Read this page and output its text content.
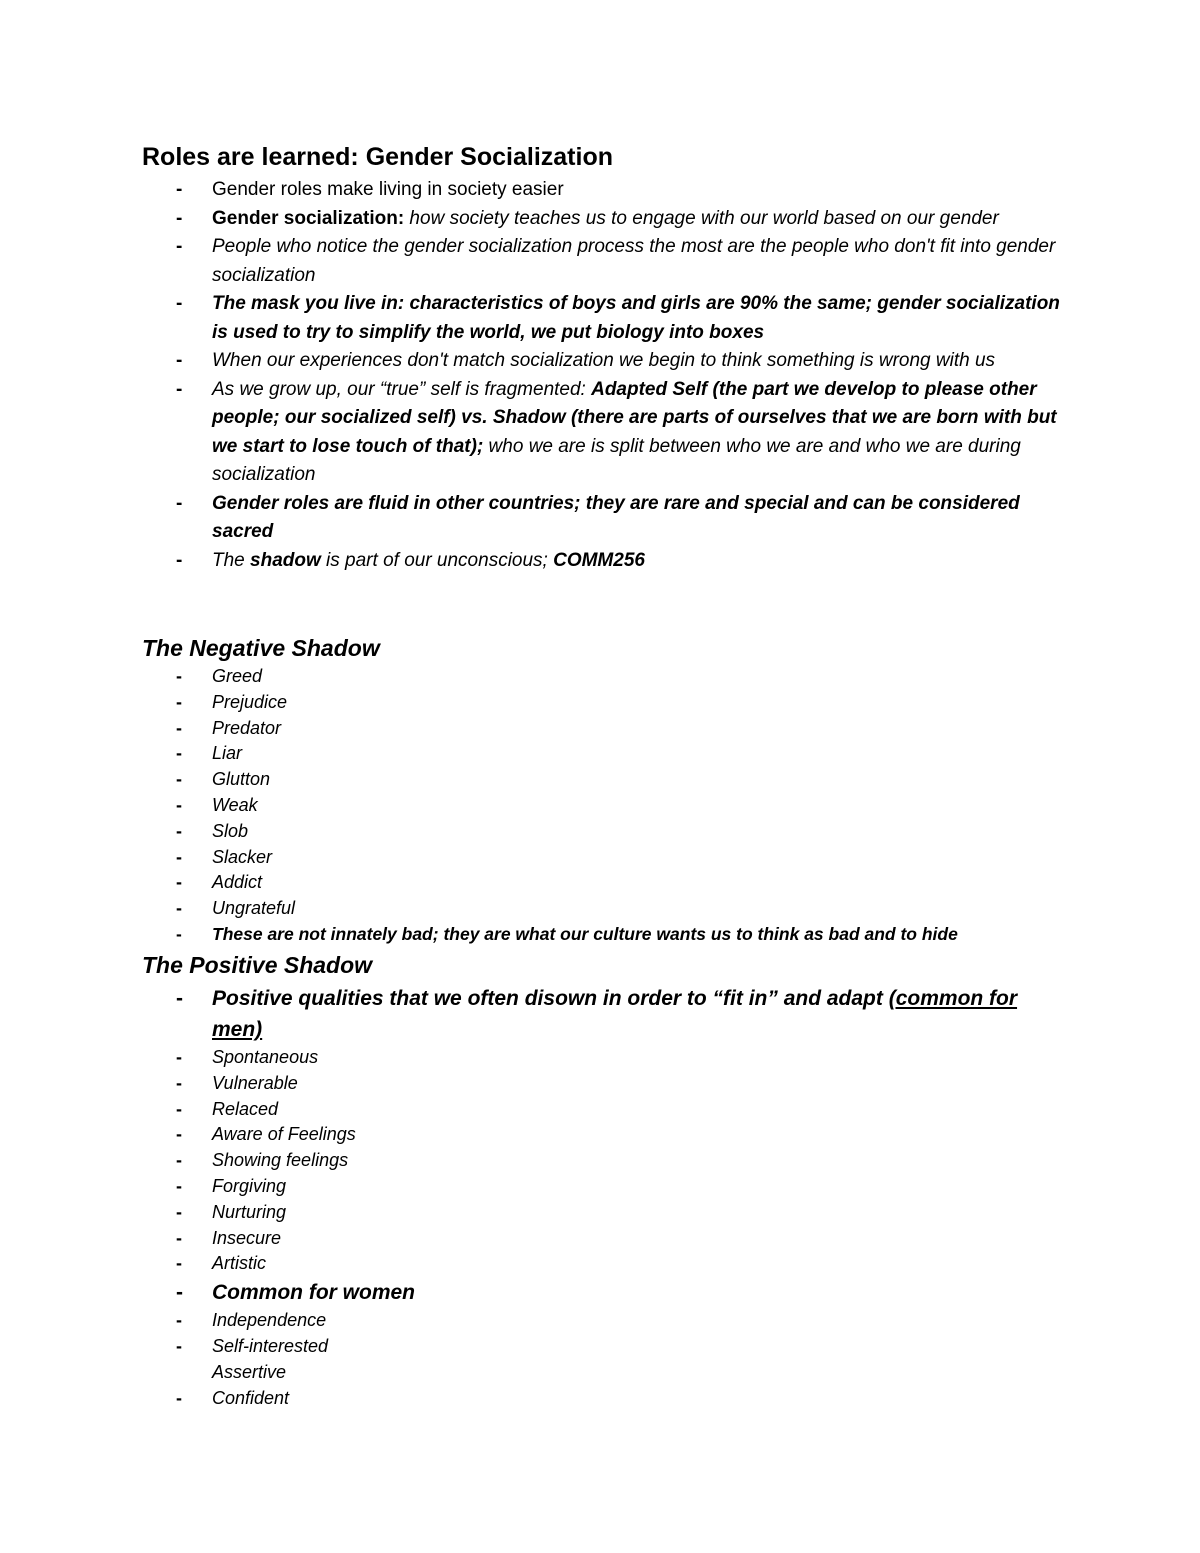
Roles are learned: Gender Socialization
- Gender roles make living in society easier
- Gender socialization: how society teaches us to engage with our world based on our gender
- People who notice the gender socialization process the most are the people who don't fit into gender socialization
- The mask you live in: characteristics of boys and girls are 90% the same; gender socialization is used to try to simplify the world, we put biology into boxes
- When our experiences don't match socialization we begin to think something is wrong with us
- As we grow up, our “true” self is fragmented: Adapted Self (the part we develop to please other people; our socialized self) vs. Shadow (there are parts of ourselves that we are born with but we start to lose touch of that); who we are is split between who we are and who we are during socialization
- Gender roles are fluid in other countries; they are rare and special and can be considered sacred
- The shadow is part of our unconscious; COMM256
The Negative Shadow
- Greed
- Prejudice
- Predator
- Liar
- Glutton
- Weak
- Slob
- Slacker
- Addict
- Ungrateful
- These are not innately bad; they are what our culture wants us to think as bad and to hide
The Positive Shadow
- Positive qualities that we often disown in order to “fit in” and adapt (common for men)
- Spontaneous
- Vulnerable
- Relaced
- Aware of Feelings
- Showing feelings
- Forgiving
- Nurturing
- Insecure
- Artistic
- Common for women
- Independence
- Self-interested
Assertive
- Confident
